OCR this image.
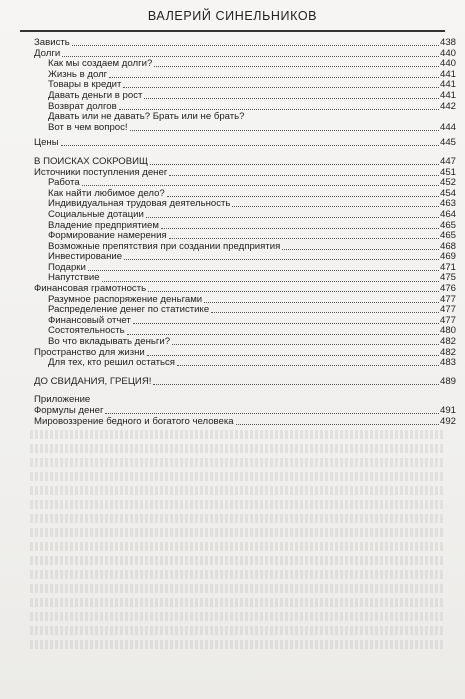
ВАЛЕРИЙ СИНЕЛЬНИКОВ
Зависть	438
Долги	440
Как мы создаем долги?	440
Жизнь в долг	441
Товары в кредит	441
Давать деньги в рост	441
Возврат долгов	442
Давать или не давать? Брать или не брать?
Вот в чем вопрос!	444
Цены	445
В ПОИСКАХ СОКРОВИЩ	447
Источники поступления денег	451
Работа	452
Как найти любимое дело?	454
Индивидуальная трудовая деятельность	463
Социальные дотации	464
Владение предприятием	465
Формирование намерения	465
Возможные препятствия при создании предприятия	468
Инвестирование	469
Подарки	471
Напутствие	475
Финансовая грамотность	476
Разумное распоряжение деньгами	477
Распределение денег по статистике	477
Финансовый отчет	477
Состоятельность	480
Во что вкладывать деньги?	482
Пространство для жизни	482
Для тех, кто решил остаться	483
ДО СВИДАНИЯ, ГРЕЦИЯ!	489
Приложение
Формулы денег	491
Мировоззрение бедного и богатого человека	492
